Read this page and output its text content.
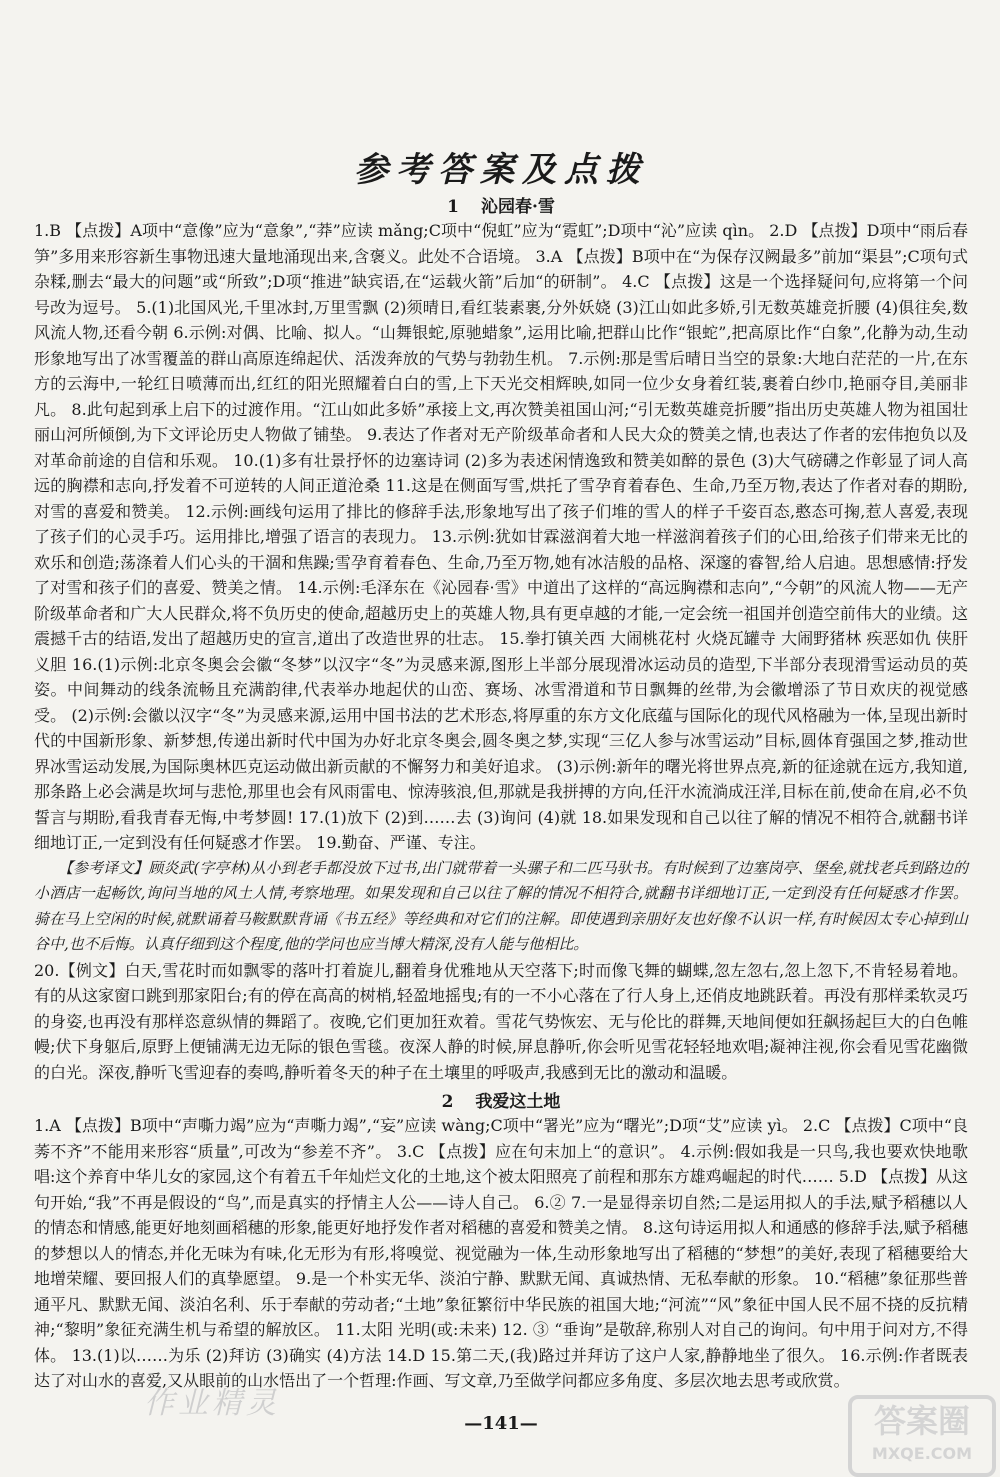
参考答案及点拨
1 沁园春·雪

1.B 【点拨】A项中“意像”应为“意象”,“莽”应读 mǎng;C项中“倪虹”应为“霓虹”;D项中“沁”应读 qìn。 2.D 【点拨】D项中“雨后春笋”多用来形容新生事物迅速大量地涌现出来,含褒义。此处不合语境。 3.A 【点拨】B项中在“为保存汉阙最多”前加“渠县”;C项句式杂糅,删去“最大的问题”或“所致”;D项“推进”缺宾语,在“运载火箭”后加“的研制”。 4.C 【点拨】这是一个选择疑问句,应将第一个问号改为逗号。 5.(1)北国风光,千里冰封,万里雪飘 (2)须晴日,看红装素裹,分外妖娆 (3)江山如此多娇,引无数英雄竞折腰 (4)俱往矣,数风流人物,还看今朝 6.示例:对偶、比喻、拟人。“山舞银蛇,原驰蜡象”,运用比喻,把群山比作“银蛇”,把高原比作“白象”,化静为动,生动形象地写出了冰雪覆盖的群山高原连绵起伏、活泼奔放的气势与勃勃生机。 7.示例:那是雪后晴日当空的景象:大地白茫茫的一片,在东方的云海中,一轮红日喷薄而出,红红的阳光照耀着白白的雪,上下天光交相辉映,如同一位少女身着红装,裹着白纱巾,艳丽夺目,美丽非凡。 8.此句起到承上启下的过渡作用。“江山如此多娇”承接上文,再次赞美祖国山河;“引无数英雄竞折腰”指出历史英雄人物为祖国壮丽山河所倾倒,为下文评论历史人物做了铺垫。 9.表达了作者对无产阶级革命者和人民大众的赞美之情,也表达了作者的宏伟抱负以及对革命前途的自信和乐观。 10.(1)多有壮景抒怀的边塞诗词 (2)多为表述闲情逸致和赞美如醉的景色 (3)大气磅礴之作彰显了词人高远的胸襟和志向,抒发着不可逆转的人间正道沧桑 11.这是在侧面写雪,烘托了雪孕育着春色、生命,乃至万物,表达了作者对春的期盼,对雪的喜爱和赞美。 12.示例:画线句运用了排比的修辞手法,形象地写出了孩子们堆的雪人的样子千姿百态,憨态可掬,惹人喜爱,表现了孩子们的心灵手巧。运用排比,增强了语言的表现力。 13.示例:犹如甘霖滋润着大地一样滋润着孩子们的心田,给孩子们带来无比的欢乐和创造;荡涤着人们心头的干涸和焦躁;雪孕育着春色、生命,乃至万物,她有冰洁般的品格、深邃的睿智,给人启迪。思想感情:抒发了对雪和孩子们的喜爱、赞美之情。 14.示例:毛泽东在《沁园春·雪》中道出了这样的“高远胸襟和志向”,“今朝”的风流人物——无产阶级革命者和广大人民群众,将不负历史的使命,超越历史上的英雄人物,具有更卓越的才能,一定会统一祖国并创造空前伟大的业绩。这震撼千古的结语,发出了超越历史的宣言,道出了改造世界的壮志。 15.拳打镇关西 大闹桃花村 火烧瓦罐寺 大闹野猪林 疾恶如仇 侠肝义胆 16.(1)示例:北京冬奥会会徽“冬梦”以汉字“冬”为灵感来源,图形上半部分展现滑冰运动员的造型,下半部分表现滑雪运动员的英姿。中间舞动的线条流畅且充满韵律,代表举办地起伏的山峦、赛场、冰雪滑道和节日飘舞的丝带,为会徽增添了节日欢庆的视觉感受。 (2)示例:会徽以汉字“冬”为灵感来源,运用中国书法的艺术形态,将厚重的东方文化底蕴与国际化的现代风格融为一体,呈现出新时代的中国新形象、新梦想,传递出新时代中国为办好北京冬奥会,圆冬奥之梦,实现“三亿人参与冰雪运动”目标,圆体育强国之梦,推动世界冰雪运动发展,为国际奥林匹克运动做出新贡献的不懈努力和美好追求。 (3)示例:新年的曙光将世界点亮,新的征途就在远方,我知道,那条路上必会满是坎坷与悲怆,那里也会有风雨雷电、惊涛骇浪,但,那就是我拼搏的方向,任汗水流淌成汪洋,目标在前,使命在肩,必不负誓言与期盼,看我青春无悔,中考梦圆! 17.(1)放下 (2)到……去 (3)询问 (4)就 18.如果发现和自己以往了解的情况不相符合,就翻书详细地订正,一定到没有任何疑惑才作罢。 19.勤奋、严谨、专注。

【参考译文】顾炎武(字亭林)从小到老手都没放下过书,出门就带着一头骡子和二匹马驮书。有时候到了边塞岗亭、堡垒,就找老兵到路边的小酒店一起畅饮,询问当地的风土人情,考察地理。如果发现和自己以往了解的情况不相符合,就翻书详细地订正,一定到没有任何疑惑才作罢。骑在马上空闲的时候,就默诵着马鞍默默背诵《书五经》等经典和对它们的注解。即使遇到亲朋好友也好像不认识一样,有时候因太专心掉到山谷中,也不后悔。认真仔细到这个程度,他的学问也应当博大精深,没有人能与他相比。

20.【例文】白天,雪花时而如飘零的落叶打着旋儿,翻着身优雅地从天空落下;时而像飞舞的蝴蝶,忽左忽右,忽上忽下,不肯轻易着地。有的从这家窗口跳到那家阳台;有的停在高高的树梢,轻盈地摇曳;有的一不小心落在了行人身上,还俏皮地跳跃着。再没有那样柔软灵巧的身姿,也再没有那样恣意纵情的舞蹈了。夜晚,它们更加狂欢着。雪花气势恢宏、无与伦比的群舞,天地间便如狂飙扬起巨大的白色帷幔;伏下身躯后,原野上便铺满无边无际的银色雪毯。夜深人静的时候,屏息静听,你会听见雪花轻轻地欢唱;凝神注视,你会看见雪花幽微的白光。深夜,静听飞雪迎春的奏鸣,静听着冬天的种子在土壤里的呼吸声,我感到无比的激动和温暖。

2 我爱这土地

1.A 【点拨】B项中“声嘶力竭”应为“声嘶力竭”,“妄”应读 wàng;C项中“署光”应为“曙光”;D项“艾”应读 yì。 2.C 【点拨】C项中“良莠不齐”不能用来形容“质量”,可改为“参差不齐”。 3.C 【点拨】应在句末加上“的意识”。 4.示例:假如我是一只鸟,我也要欢快地歌唱:这个养育中华儿女的家园,这个有着五千年灿烂文化的土地,这个被太阳照亮了前程和那东方雄鸡崛起的时代…… 5.D 【点拨】从这句开始,“我”不再是假设的“鸟”,而是真实的抒情主人公——诗人自己。 6.② 7.一是显得亲切自然;二是运用拟人的手法,赋予稻穗以人的情态和情感,能更好地刻画稻穗的形象,能更好地抒发作者对稻穗的喜爱和赞美之情。 8.这句诗运用拟人和通感的修辞手法,赋予稻穗的梦想以人的情态,并化无味为有味,化无形为有形,将嗅觉、视觉融为一体,生动形象地写出了稻穗的“梦想”的美好,表现了稻穗要给大地增荣耀、要回报人们的真挚愿望。 9.是一个朴实无华、淡泊宁静、默默无闻、真诚热情、无私奉献的形象。 10.“稻穗”象征那些普通平凡、默默无闻、淡泊名利、乐于奉献的劳动者;“土地”象征繁衍中华民族的祖国大地;“河流”“风”象征中国人民不屈不挠的反抗精神;“黎明”象征充满生机与希望的解放区。 11.太阳 光明(或:未来) 12. ③ “垂询”是敬辞,称别人对自己的询问。句中用于问对方,不得体。 13.(1)以……为乐 (2)拜访 (3)确实 (4)方法 14.D 15.第二天,(我)路过并拜访了这户人家,静静地坐了很久。 16.示例:作者既表达了对山水的喜爱,又从眼前的山水悟出了一个哲理:作画、写文章,乃至做学问都应多角度、多层次地去思考或欣赏。

作业精灵
—141—	答案圈
MXQE.COM
